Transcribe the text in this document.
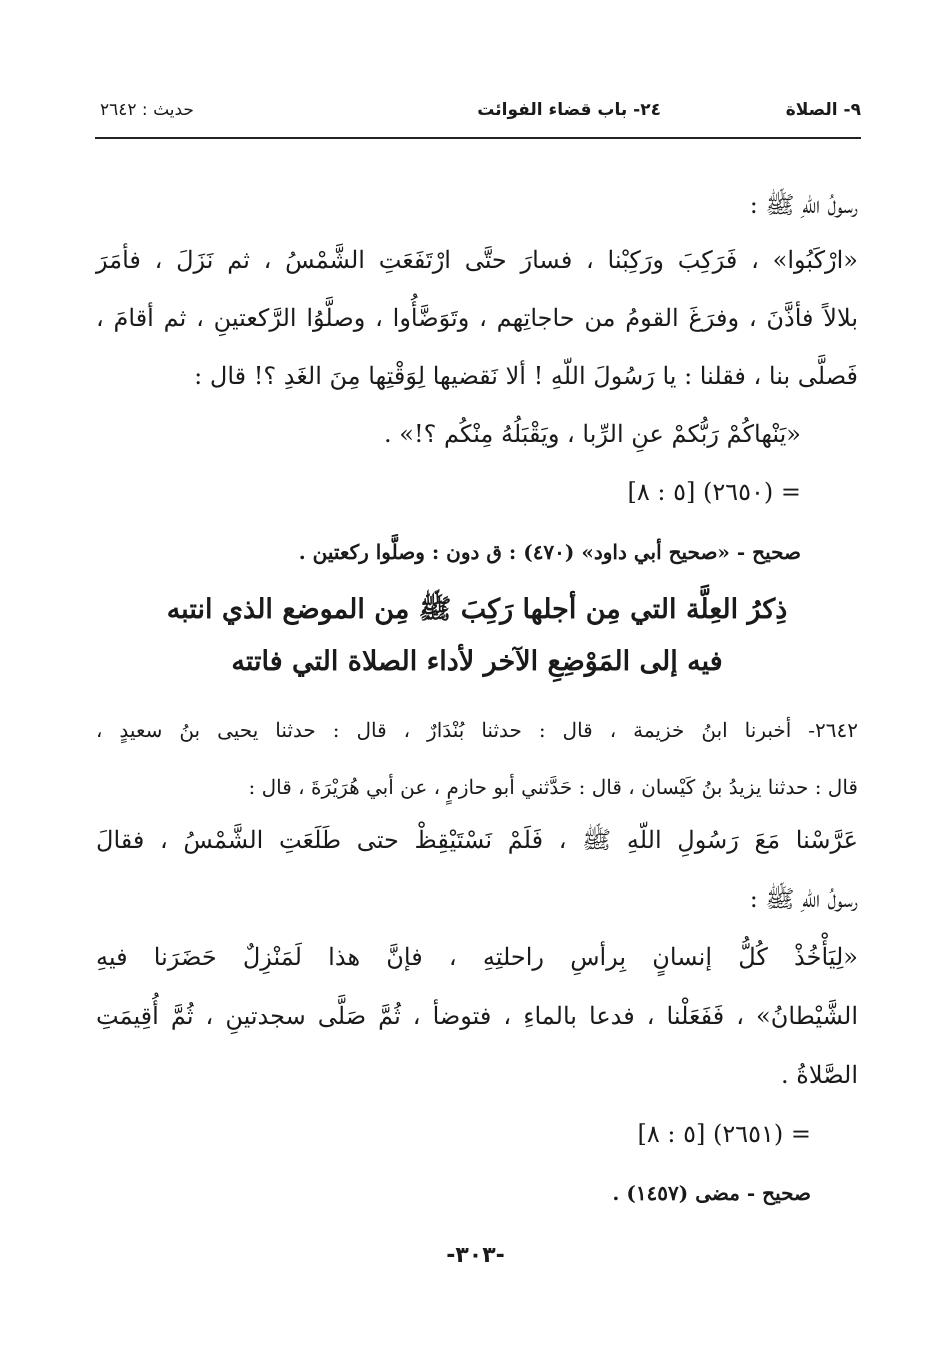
٩- الصلاة
٢٤- باب قضاء الفوائت
حديث : ٢٦٤٢
رسولُ اللّهِ ﷺ :
«ارْكَبُوا» ، فَرَكِبَ ورَكِبْنا ، فسارَ حتَّى ارْتَفَعَتِ الشَّمْسُ ، ثم نَزَلَ ، فأمَرَ
بلالاً فأذَّنَ ، وفرَغَ القومُ من حاجاتِهم ، وتَوَضَّأُوا ، وصلَّوُا الرَّكعتينِ ، ثم أقامَ ،
فَصلَّى بنا ، فقلنا : يا رَسُولَ اللّهِ ! ألا نَقضيها لِوَقْتِها مِنَ الغَدِ ؟! قال :
«يَنْهاكُمْ رَبُّكمْ عنِ الرِّبا ، ويَقْبَلُهُ مِنْكُم ؟!» .
= (٢٦٥٠) [٥ : ٨]
صحيح - «صحيح أبي داود» (٤٧٠) : ق دون : وصلَّوا ركعتين .
ذِكرُ العِلَّة التي مِن أجلها رَكِبَ ﷺ مِن الموضع الذي انتبه
فيه إلى المَوْضِعِ الآخر لأداء الصلاة التي فاتته
٢٦٤٢- أخبرنا ابنُ خزيمة ، قال : حدثنا بُنْدَارٌ ، قال : حدثنا يحيى بنُ سعيدٍ ،
قال : حدثنا يزيدُ بنُ كَيْسان ، قال : حَدَّثني أبو حازمٍ ، عن أبي هُرَيْرَةَ ، قال :
عَرَّسْنا مَعَ رَسُولِ اللّهِ ﷺ ، فَلَمْ نَسْتَيْقِظْ حتى طَلَعَتِ الشَّمْسُ ، فقالَ
رسولُ اللّهِ ﷺ :
«لِيَأْخُذْ كُلُّ إنسانٍ بِرأسِ راحلتِهِ ، فإنَّ هذا لَمَنْزِلٌ حَضَرَنا فيهِ
الشَّيْطانُ» ، فَفَعَلْنا ، فدعا بالماءِ ، فتوضأ ، ثُمَّ صَلَّى سجدتينِ ، ثُمَّ أُقِيمَتِ
الصَّلاةُ .
= (٢٦٥١) [٥ : ٨]
صحيح - مضى (١٤٥٧) .
-٣٠٣-
